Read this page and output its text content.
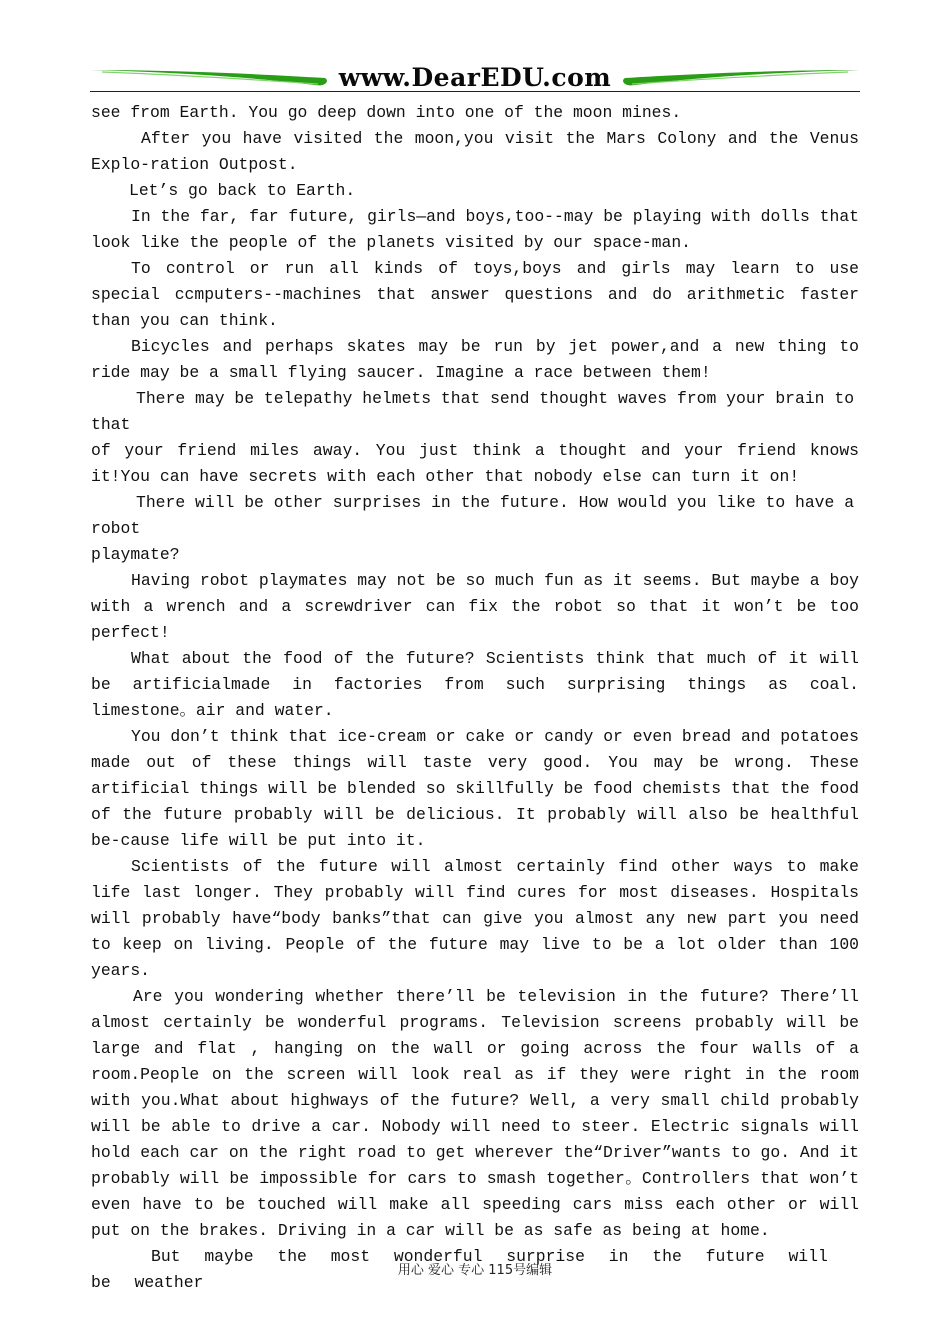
www.DearEDU.com

see from Earth. You go deep down into one of the moon mines.

After you have visited the moon,you visit the Mars Colony and the Venus Explo-ration Outpost.

Let’s go back to Earth.

In the far, far future, girls—and boys,too--may be playing with dolls that look like the people of the planets visited by our space-man.

To control or run all kinds of toys,boys and girls may learn to use special ccmputers--machines that answer questions and do arithmetic faster than you can think.

Bicycles and perhaps skates may be run by jet power,and a new thing to ride may be a small flying saucer. Imagine a race between them!

There may be telepathy helmets that send thought waves from your brain to that

of your friend miles away. You just think a thought and your friend knows it!You can have secrets with each other that nobody else can turn it on!

There will be other surprises in the future. How would you like to have a robot

playmate?

Having robot playmates may not be so much fun as it seems. But maybe a boy with a wrench and a screwdriver can fix the robot so that it won’t be too perfect!

What about the food of the future? Scientists think that much of it will be artificialmade in factories from such surprising things as coal. limestone。air and water.

You don’t think that ice-cream or cake or candy or even bread and potatoes made out of these things will taste very good. You may be wrong. These artificial things will be blended so skillfully be food chemists that the food of the future probably will be delicious. It probably will also be healthful be-cause life will be put into it.

Scientists of the future will almost certainly find other ways to make life last longer. They probably will find cures for most diseases. Hospitals will probably have“body banks”that can give you almost any new part you need to keep on living. People of the future may live to be a lot older than 100 years.

Are you wondering whether there’ll be television in the future? There’ll almost certainly be wonderful programs. Television screens probably will be large and flat , hanging on the wall or going across the four walls of a room.People on the screen will look real as if they were right in the room with you.What about highways of the future? Well, a very small child probably will be able to drive a car. Nobody will need to steer. Electric signals will hold each car on the right road to get wherever the“Driver”wants to go. And it probably will be impossible for cars to smash together。Controllers that won’t even have to be touched will make all speeding cars miss each other or will put on the brakes. Driving in a car will be as safe as being at home.

But maybe the most wonderful surprise in the future will be weather

用心 爱心 专心 115号编辑
